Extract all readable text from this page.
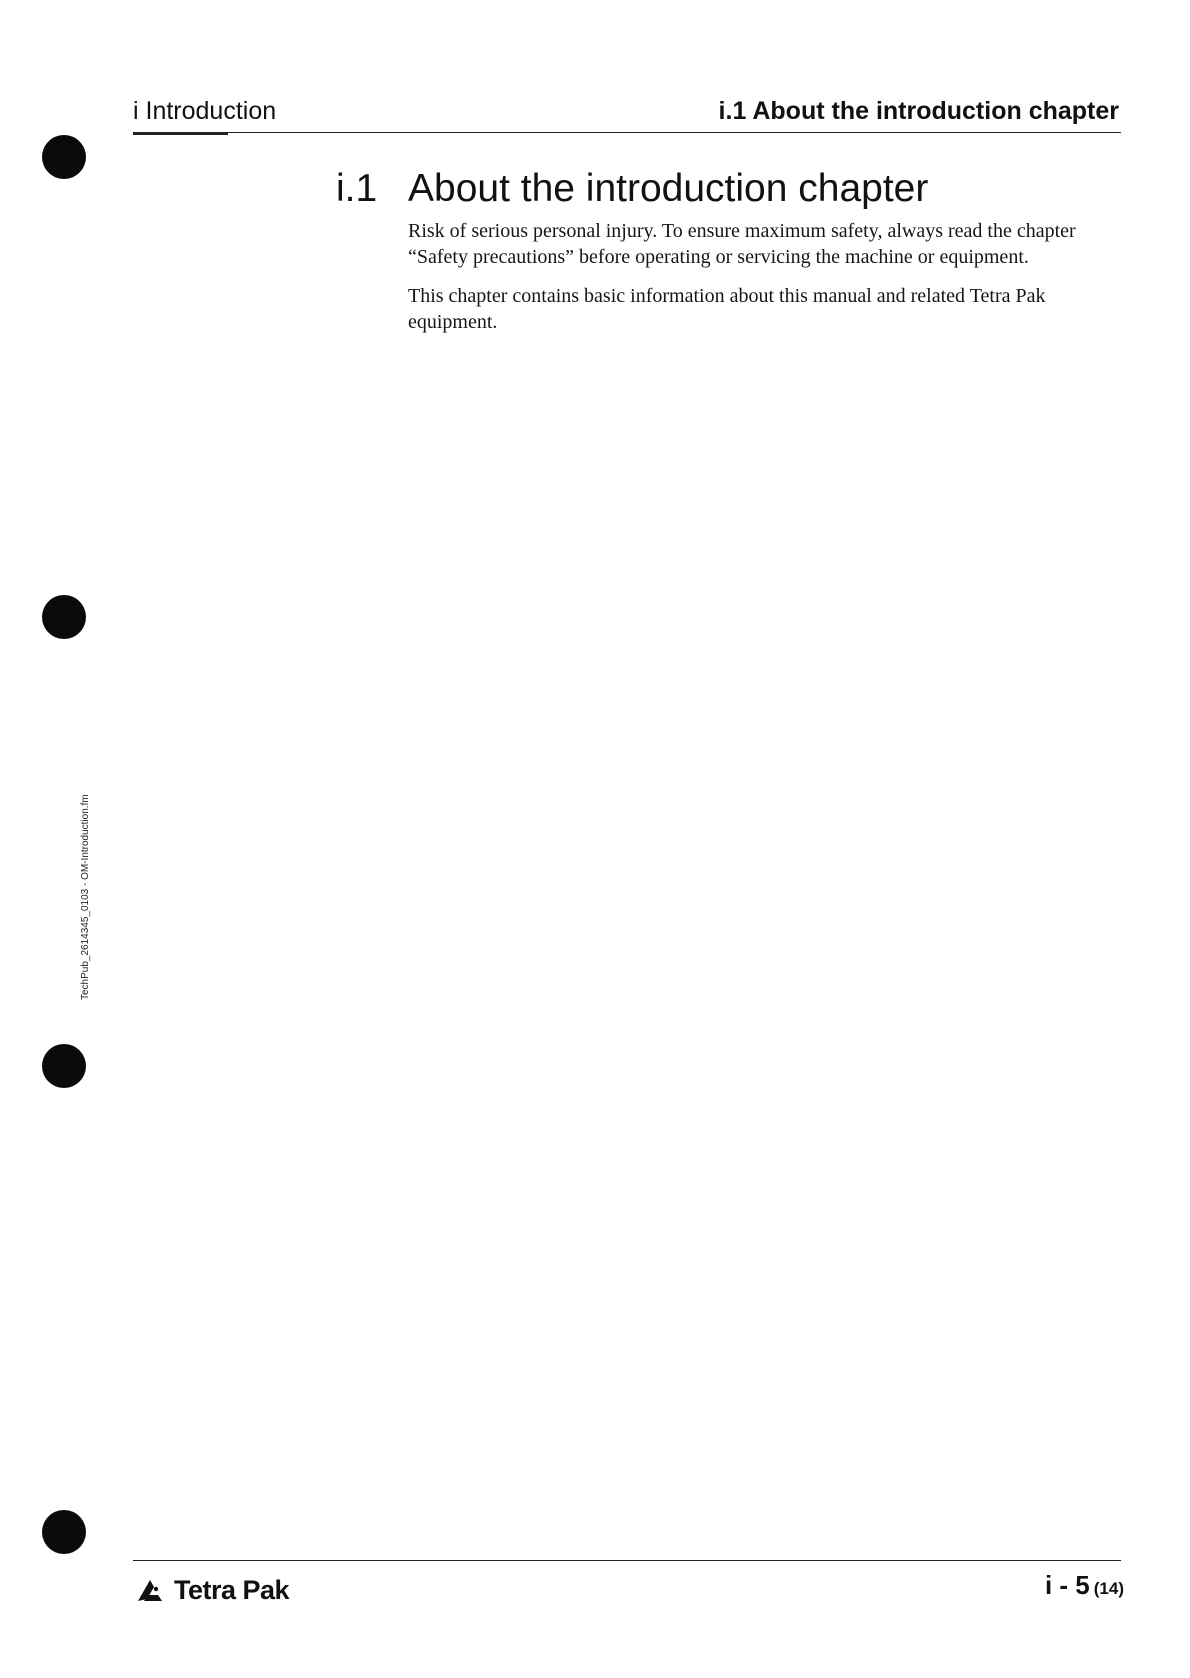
i Introduction	i.1 About the introduction chapter
i.1 About the introduction chapter

Risk of serious personal injury. To ensure maximum safety, always read the chapter “Safety precautions” before operating or servicing the machine or equipment.

This chapter contains basic information about this manual and related Tetra Pak equipment.

TechPub_2614345_0103 - OM-Introduction.fm
Tetra Pak	i - 5 (14)
